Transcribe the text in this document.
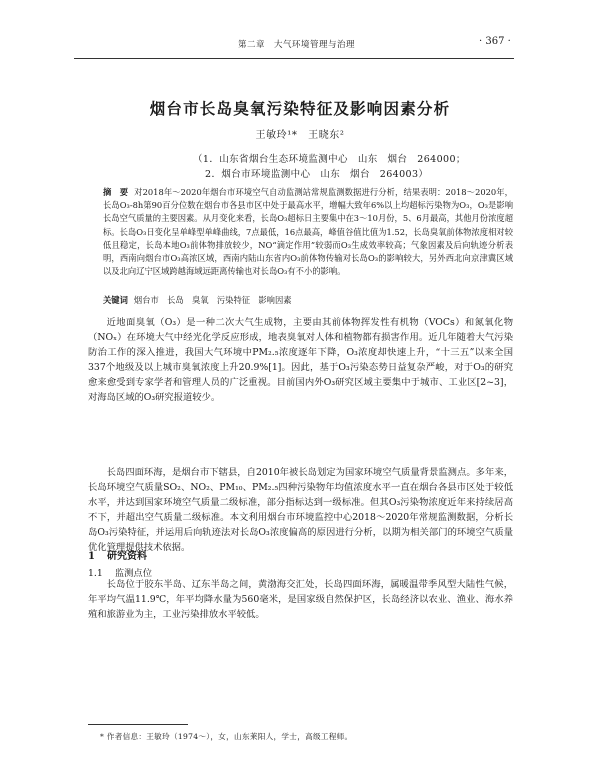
第二章　大气环境管理与治理	· 367 ·
烟台市长岛臭氧污染特征及影响因素分析
王敏玲¹*　王晓东²
（1．山东省烟台生态环境监测中心　山东　烟台　264000；
2．烟台市环境监测中心　山东　烟台　264003）
摘　要 对2018年～2020年烟台市环境空气自动监测站常规监测数据进行分析，结果表明：2018～2020年，长岛O₃-8h第90百分位数在烟台市各县市区中处于最高水平，增幅大致年6%以上均超标污染物为O₃，O₃是影响长岛空气质量的主要因素。从月变化来看，长岛O₃超标日主要集中在3～10月份，5、6月最高，其他月份浓度超标。长岛O₃日变化呈单峰型单峰曲线，7点最低，16点最高，峰值谷值比值为1.52，长岛臭氧前体物浓度相对较低且稳定，长岛本地O₃前体物排放较少，NO“滴定作用”较弱而O₃生成效率较高；气象因素及后向轨迹分析表明，西南向烟台市O₃高浓区域，西南内陆山东省内O₃前体物传输对长岛O₃的影响较大，另外西北向京津冀区域以及北向辽宁区域跨越海域远距离传输也对长岛O₃有不小的影响。
关键词 烟台市　长岛　臭氧　污染特征　影响因素
近地面臭氧（O₃）是一种二次大气生成物，主要由其前体物挥发性有机物（VOCs）和氮氧化物（NOₓ）在环境大气中经光化学反应形成，地表臭氧对人体和植物都有损害作用。近几年随着大气污染防治工作的深入推进，我国大气环境中PM₂.₅浓度逐年下降，O₃浓度却快速上升，“十三五”以来全国337个地级及以上城市臭氧浓度上升20.9%[1]。因此，基于O₃污染态势日益复杂严峻，对于O₃的研究愈来愈受到专家学者和管理人员的广泛重视。目前国内外O₃研究区域主要集中于城市、工业区[2~3]，对海岛区域的O₃研究报道较少。
长岛四面环海，是烟台市下辖县，自2010年被长岛划定为国家环境空气质量背景监测点。多年来，长岛环境空气质量SO₂、NO₂、PM₁₀、PM₂.₅四种污染物年均值浓度水平一直在烟台各县市区处于较低水平，并达到国家环境空气质量二级标准，部分指标达到一级标准。但其O₃污染物浓度近年来持续居高不下，并超出空气质量二级标准。本文利用烟台市环境监控中心2018～2020年常规监测数据，分析长岛O₃污染特征，并运用后向轨迹法对长岛O₃浓度偏高的原因进行分析，以期为相关部门的环境空气质量优化管理提供技术依据。
1 研究资料
1.1 监测点位
长岛位于胶东半岛、辽东半岛之间，黄渤海交汇处，长岛四面环海，属暖温带季风型大陆性气候，年平均气温11.9℃，年平均降水量为560毫米，是国家级自然保护区，长岛经济以农业、渔业、海水养殖和旅游业为主，工业污染排放水平较低。
* 作者信息：王敏玲（1974～），女，山东莱阳人，学士，高级工程师。
